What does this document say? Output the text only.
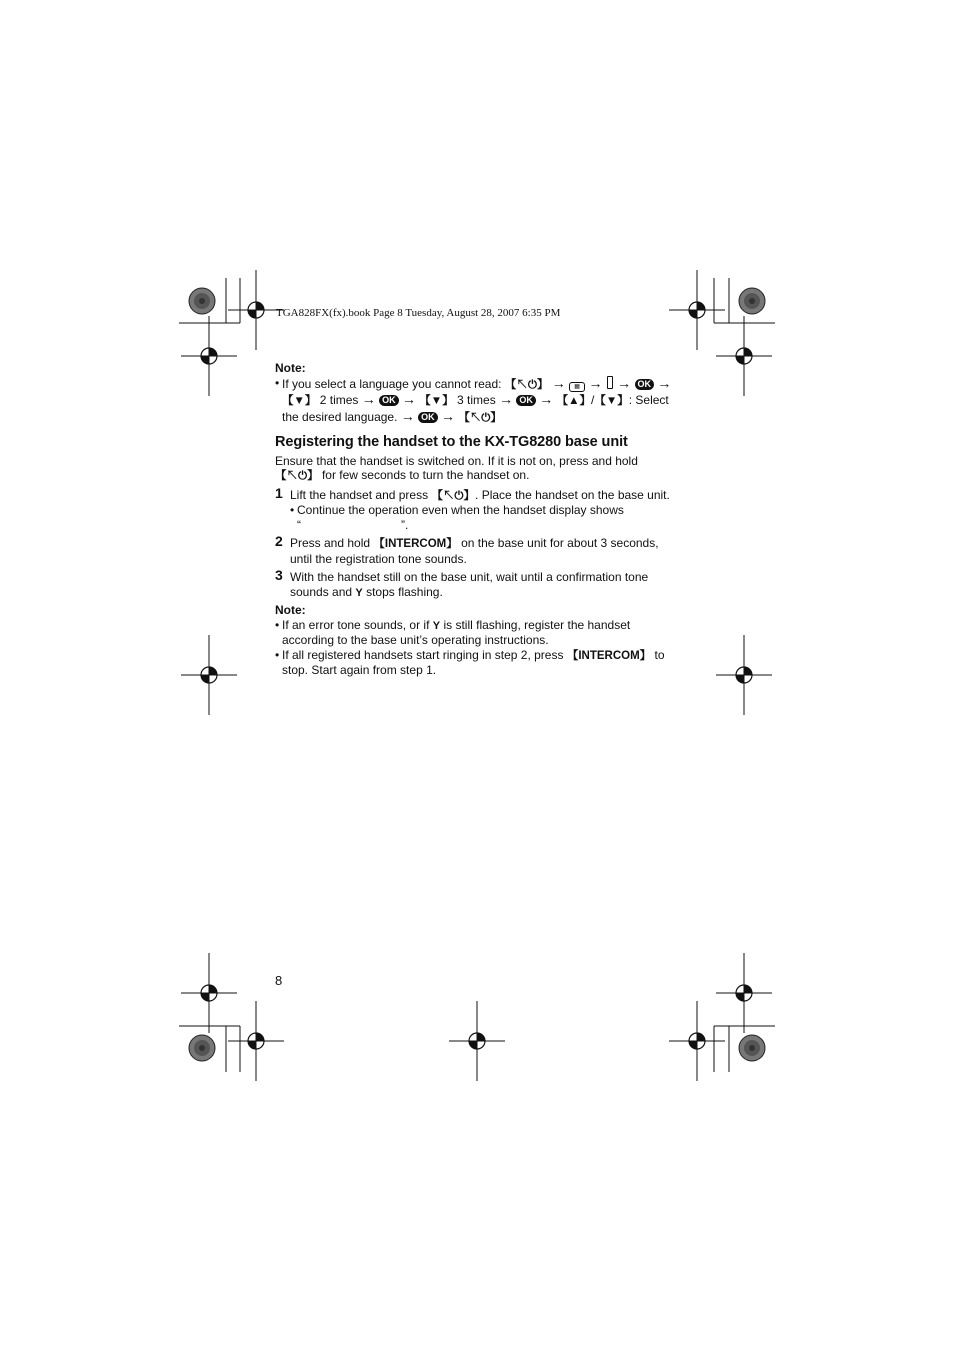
TGA828FX(fx).book Page 8 Tuesday, August 28, 2007 6:35 PM

Note:

• If you select a language you cannot read: 【↖⏻】 → ▦ → → OK → 【▼】 2 times → OK → 【▼】 3 times → OK → 【▲】/【▼】: Select the desired language. → OK → 【↖⏻】

Registering the handset to the KX-TG8280 base unit

Ensure that the handset is switched on. If it is not on, press and hold 【↖⏻】 for few seconds to turn the handset on.

1 Lift the handset and press 【↖⏻】. Place the handset on the base unit.
• Continue the operation even when the handset display shows
“	”.
2 Press and hold 【INTERCOM】 on the base unit for about 3 seconds, until the registration tone sounds.
3 With the handset still on the base unit, wait until a confirmation tone sounds and Y stops flashing.

Note:

• If an error tone sounds, or if Y is still flashing, register the handset according to the base unit’s operating instructions.

• If all registered handsets start ringing in step 2, press 【INTERCOM】 to stop. Start again from step 1.

8
